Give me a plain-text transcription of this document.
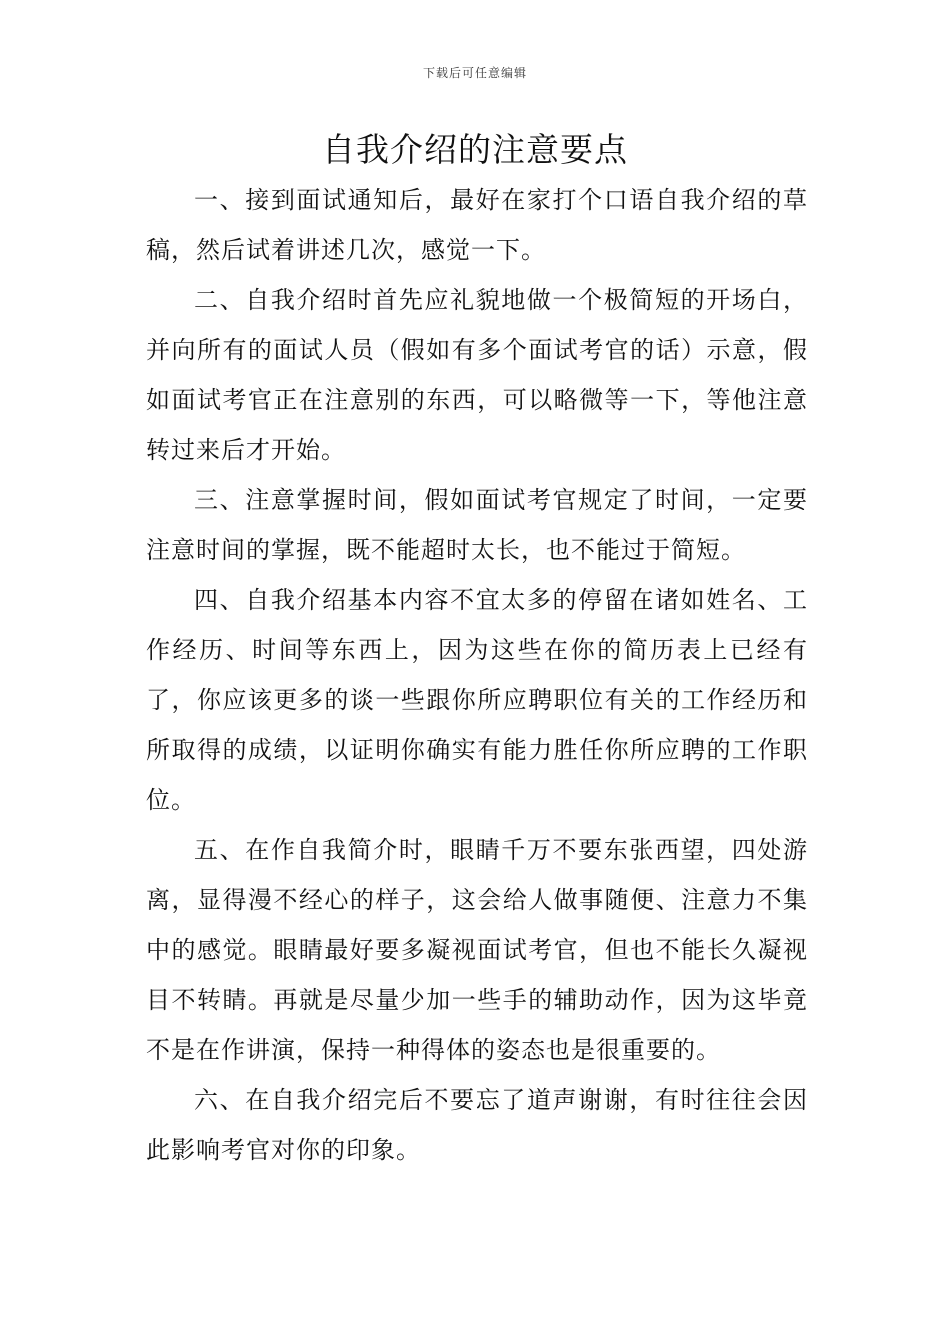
下载后可任意编辑
自我介绍的注意要点

一、接到面试通知后，最好在家打个口语自我介绍的草稿，然后试着讲述几次，感觉一下。

二、自我介绍时首先应礼貌地做一个极简短的开场白，并向所有的面试人员（假如有多个面试考官的话）示意，假如面试考官正在注意别的东西，可以略微等一下，等他注意转过来后才开始。

三、注意掌握时间，假如面试考官规定了时间，一定要注意时间的掌握，既不能超时太长，也不能过于简短。

四、自我介绍基本内容不宜太多的停留在诸如姓名、工作经历、时间等东西上，因为这些在你的简历表上已经有了，你应该更多的谈一些跟你所应聘职位有关的工作经历和所取得的成绩，以证明你确实有能力胜任你所应聘的工作职位。

五、在作自我简介时，眼睛千万不要东张西望，四处游离，显得漫不经心的样子，这会给人做事随便、注意力不集中的感觉。眼睛最好要多凝视面试考官，但也不能长久凝视目不转睛。再就是尽量少加一些手的辅助动作，因为这毕竟不是在作讲演，保持一种得体的姿态也是很重要的。

六、在自我介绍完后不要忘了道声谢谢，有时往往会因此影响考官对你的印象。
